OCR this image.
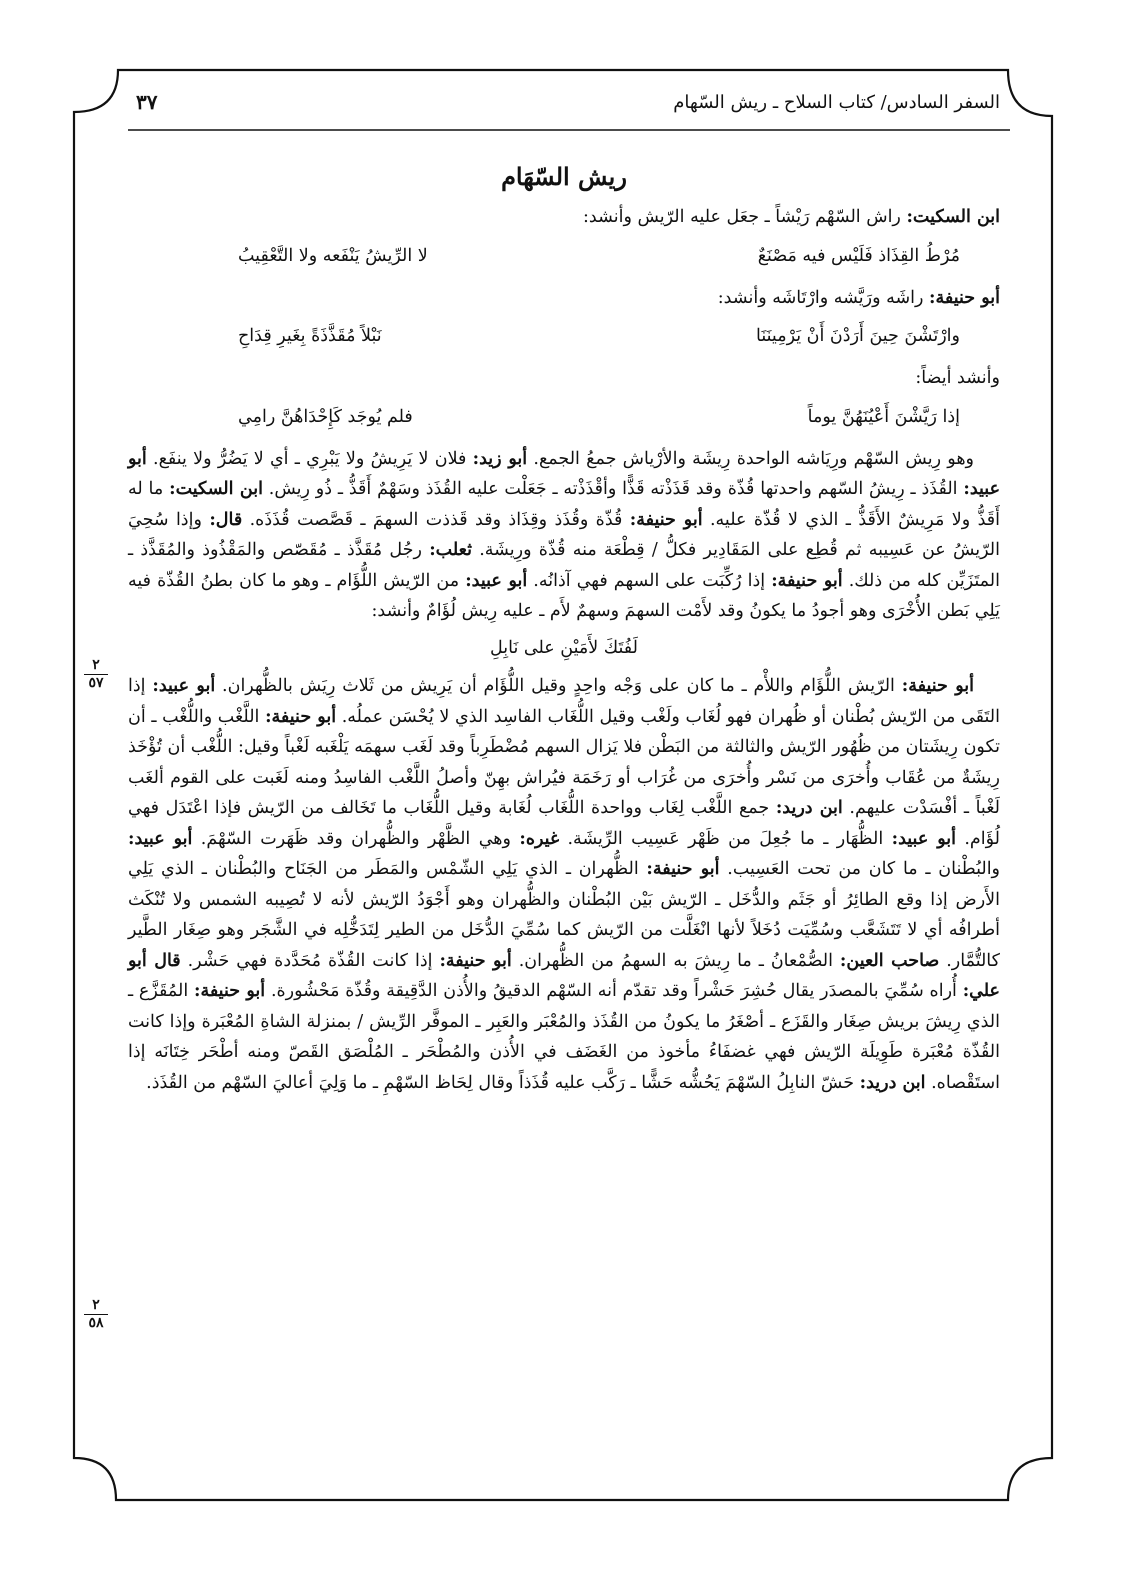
السفر السادس/ كتاب السلاح ـ ريش السّهام
٣٧
٢
٥٧
٢
٥٨
ريش السّهَام

ابن السكيت: راش السّهْم رَيْشاً ـ جعَل عليه الرّيش وأنشد:

مُرْطُ القِذَاذ فَلَيْس فيه مَصْنَعٌ
لا الرِّيشُ يَنْفَعه ولا التَّعْقِيبُ

أبو حنيفة: راشَه ورَيَّشه وارْتَاشَه وأنشد:

وارْتَشْنَ حِينَ أَرَدْنَ أَنْ يَرْمِينَنَا
نَبْلاً مُقَذَّذَةً بِغَيرِ قِدَاحِ

وأنشد أيضاً:

إذا رَيَّشْنَ أَعْيُنَهُنَّ يوماً
فلم يُوجَد كَإِحْدَاهُنَّ رامِي

وهو رِيش السّهْم ورِيَاشه الواحدة رِيشَة والأرْياش جمعُ الجمع. أبو زيد: فلان لا يَرِيشُ ولا يَبْرِي ـ أي لا يَضُرُّ ولا ينفَع. أبو عبيد: القُذَذ ـ رِيشُ السّهم واحدتها قُذّة وقد قَذَذْته قَذًّا وأقْذَذْته ـ جَعَلْت عليه القُذَذ وسَهْمٌ أَقَذُّ ـ ذُو رِيش. ابن السكيت: ما له أَقَذُّ ولا مَرِيشٌ الأَقَذُّ ـ الذي لا قُذّة عليه. أبو حنيفة: قُذّة وقُذَذ وقِذَاذ وقد قَذذت السهمَ ـ قَصَّصت قُذَذَه. قال: وإذا سُحِيَ الرّيشُ عن عَسِيبه ثم قُطِع على المَقَادِير فكلُّ / قِطْعَة منه قُذّة ورِيشَة. ثعلب: رجُل مُقَذَّذ ـ مُقَصّص والمَقْذُوذ والمُقَذَّذ ـ المتَزَيِّن كله من ذلك. أبو حنيفة: إذا رُكِّبَت على السهم فهي آذانُه. أبو عبيد: من الرّيش اللُّؤَام ـ وهو ما كان بطنُ القُذّة فيه يَلِي بَطن الأُخْرَى وهو أجودُ ما يكونُ وقد لأَمْت السهمَ وسهمٌ لأَم ـ عليه رِيش لُؤَامٌ وأنشد:

لَفُتَكَ لأَمَيْنِ على نَابِلِ

أبو حنيفة: الرّيش اللُّؤَام واللأْم ـ ما كان على وَجْه واحِدٍ وقيل اللُّؤَام أن يَرِيش من ثَلاث رِيَش بالظُّهران. أبو عبيد: إذا التَقَى من الرّيش بُطْنان أو ظُهران فهو لُغَاب ولَغْب وقيل اللُّغَاب الفاسِد الذي لا يُحْسَن عملُه. أبو حنيفة: اللَّغْب واللُّغْب ـ أن تكون رِيشَتان من ظُهُور الرّيش والثالثة من البَطْن فلا يَزال السهم مُضْطَرِباً وقد لَغَب سهمَه يَلْغَبه لَغْباً وقيل: اللُّغْب أن تُؤْخَذ رِيشَةٌ من عُقَاب وأُخرَى من نَسْر وأُخرَى من غُرَاب أو رَخَمَة فيُراش بهِنّ وأصلُ اللَّغْب الفاسِدُ ومنه لَغَبت على القوم ألغَب لَغْباً ـ أفْسَدْت عليهم. ابن دريد: جمع اللَّغْب لِغَاب وواحدة اللُّغَاب لُغَابة وقيل اللُّغَاب ما تَخَالف من الرّيش فإذا اعْتَدَل فهي لُؤَام. أبو عبيد: الظُّهَار ـ ما جُعِلَ من ظَهْر عَسِيب الرِّيشَة. غيره: وهي الظَّهْر والظُّهران وقد ظَهَرت السّهْمَ. أبو عبيد: والبُطْنان ـ ما كان من تحت العَسِيب. أبو حنيفة: الظُّهران ـ الذي يَلِي الشّمْس والمَطَر من الجَنَاح والبُطْنان ـ الذي يَلِي الأَرض إذا وقع الطائِرُ أو جَثَم والدُّخَل ـ الرّيش بَيْن البُطْنان والظُّهران وهو أَجْوَدُ الرّيش لأنه لا تُصِيبه الشمس ولا تُنْكَث أطرافُه أي لا تَتَشَعَّب وسُمِّيَت دُخَلاً لأنها انْغَلَّت من الرّيش كما سُمِّيَ الدُّخَل من الطير لِتَدَخُّلِه في الشَّجَر وهو صِغَار الطَّير كالتُّمَّار. صاحب العين: الصُّمْعانُ ـ ما رِيشَ به السهمُ من الظُّهران. أبو حنيفة: إذا كانت القُذّة مُحَدَّدة فهي حَشْر. قال أبو علي: أُراه سُمِّيَ بالمصدَر يقال حُشِرَ حَشْراً وقد تقدّم أنه السّهْم الدقيقُ والأُذن الدَّقِيقة وقُذّة مَحْشُورة. أبو حنيفة: المُقَزَّع ـ الذي رِيشَ بريش صِغَار والقَزَع ـ أصْغَرُ ما يكونُ من القُذَذ والمُعْبَر والعَبِر ـ الموفَّر الرِّيش / بمنزلة الشاةِ المُعْبَرة وإذا كانت القُذّة مُعْبَرة طَوِيلَة الرّيش فهي غضفَاءُ مأخوذ من الغَضَف في الأُذن والمُطْحَر ـ المُلْصَق القَصّ ومنه أطْحَر خِتَانَه إذا استَقْصاه. ابن دريد: حَشّ النابِلُ السّهْمَ يَحُشُّه حَشًّا ـ رَكَّب عليه قُذَذاً وقال لِحَاظ السّهْمِ ـ ما وَلِيَ أعاليَ السّهْم من القُذَذ.
